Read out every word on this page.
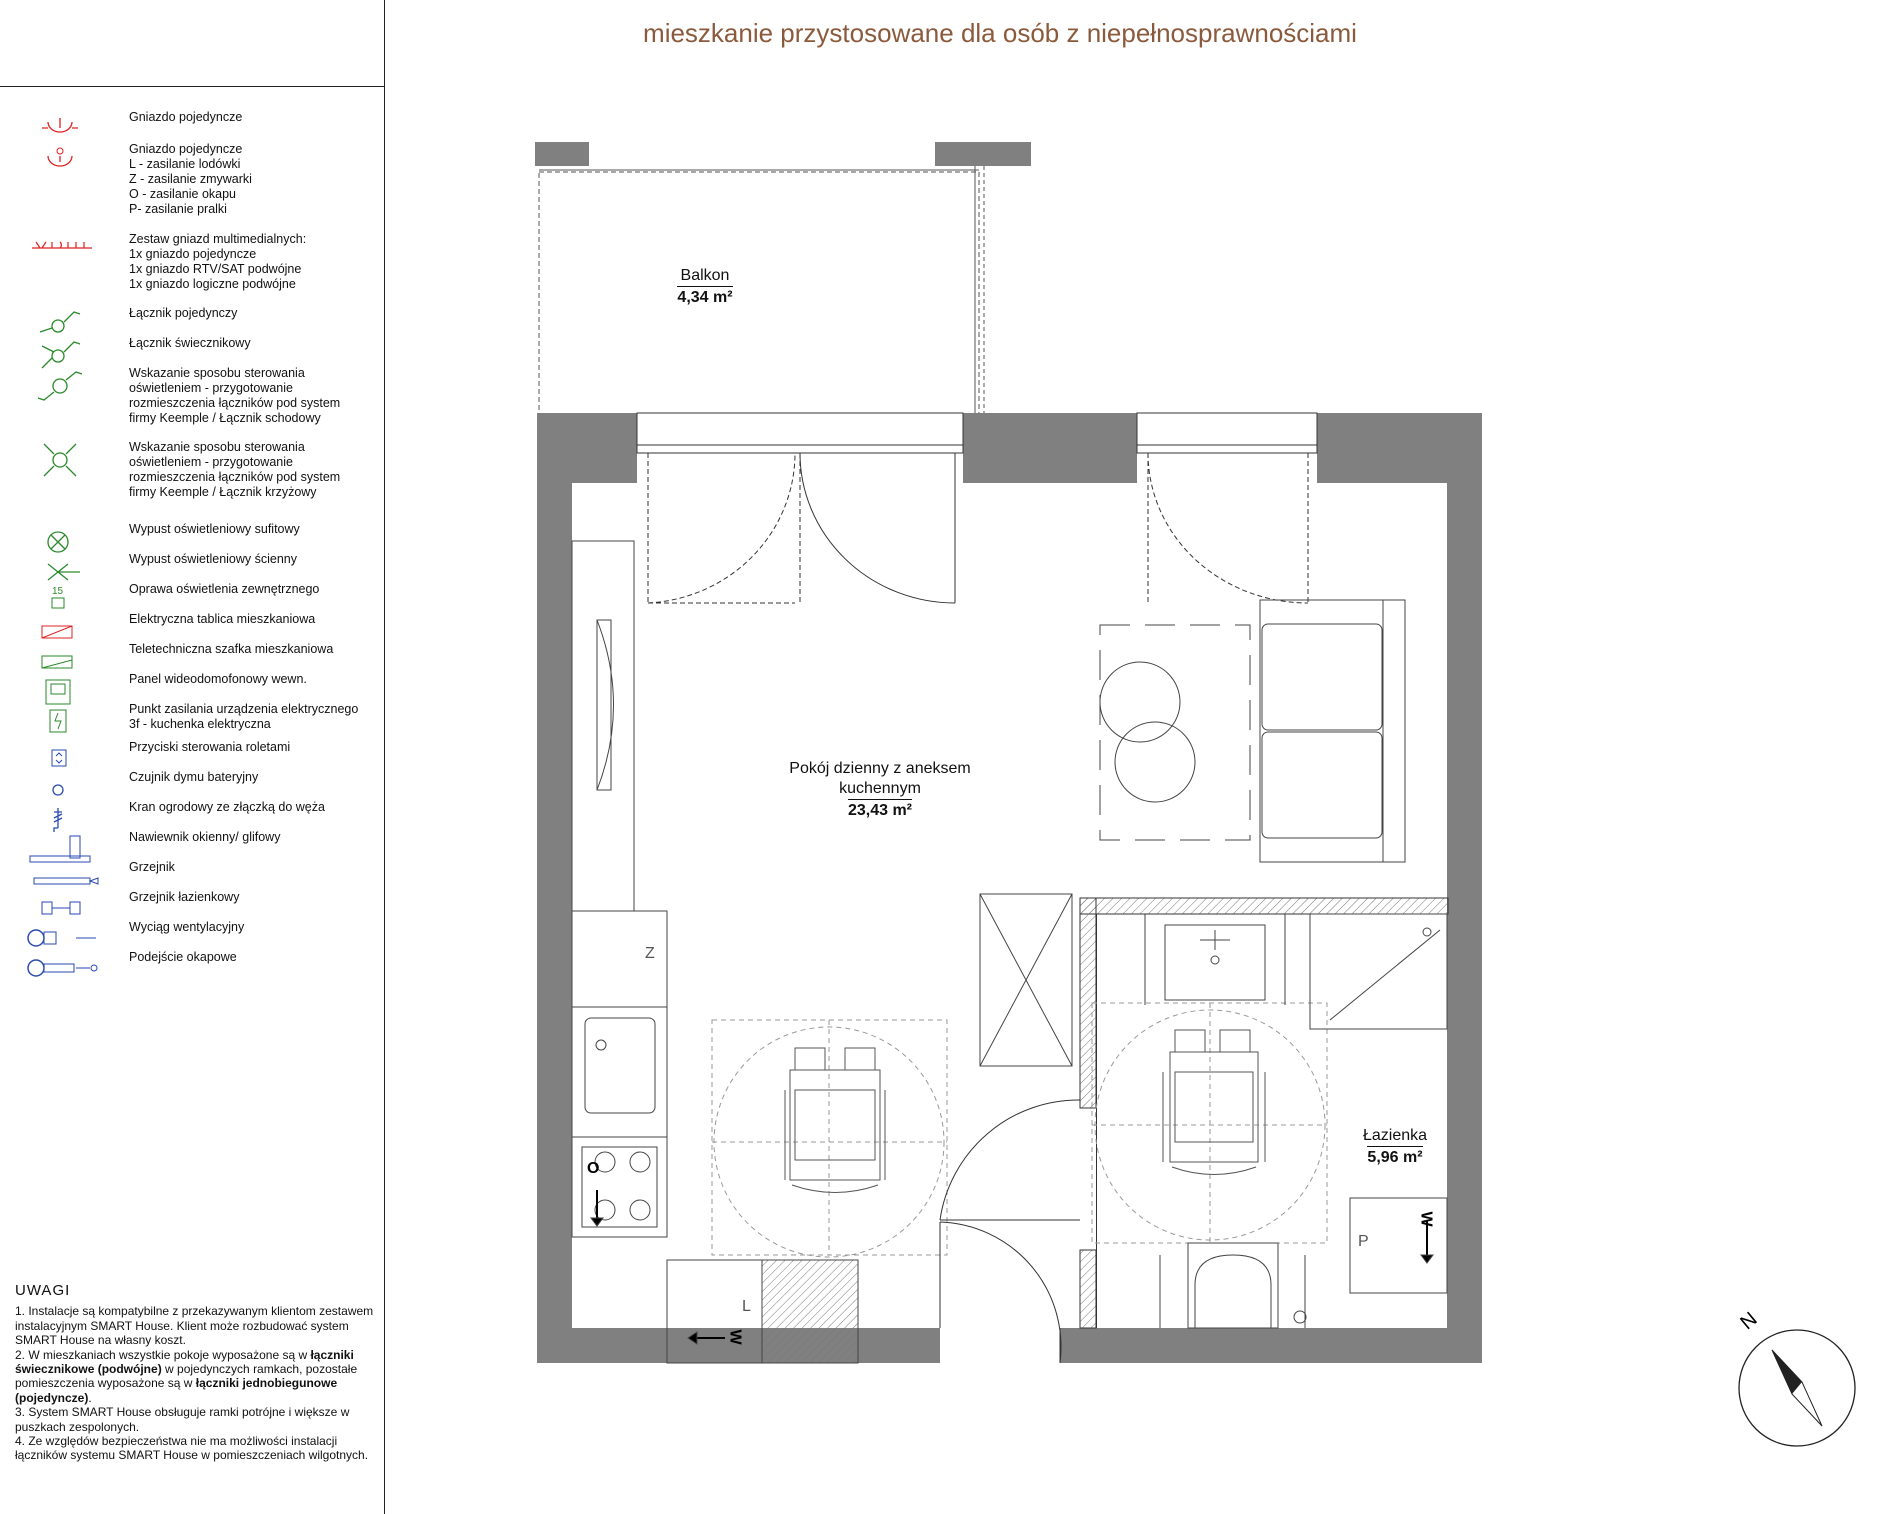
Gniazdo pojedyncze
Gniazdo pojedyncze
L - zasilanie lodówki
Z - zasilanie zmywarki
O - zasilanie okapu
P- zasilanie pralki
Zestaw gniazd multimedialnych:
1x gniazdo pojedyncze
1x gniazdo RTV/SAT podwójne
1x gniazdo logiczne podwójne
Łącznik pojedynczy
Łącznik świecznikowy
Wskazanie sposobu sterowania
oświetleniem - przygotowanie
rozmieszczenia łączników pod system
firmy Keemple / Łącznik schodowy
Wskazanie sposobu sterowania
oświetleniem - przygotowanie
rozmieszczenia łączników pod system
firmy Keemple / Łącznik krzyżowy
Wypust oświetleniowy sufitowy
Wypust oświetleniowy ścienny
15	Oprawa oświetlenia zewnętrznego
Elektryczna tablica mieszkaniowa
Teletechniczna szafka mieszkaniowa
Panel wideodomofonowy wewn.
Punkt zasilania urządzenia elektrycznego
3f - kuchenka elektryczna
Przyciski sterowania roletami
Czujnik dymu bateryjny
Kran ogrodowy ze złączką do węża
Nawiewnik okienny/ glifowy
Grzejnik
Grzejnik łazienkowy
Wyciąg wentylacyjny
Podejście okapowe
UWAGI

1. Instalacje są kompatybilne z przekazywanym klientom zestawem instalacyjnym SMART House. Klient może rozbudować system SMART House na własny koszt.

2. W mieszkaniach wszystkie pokoje wyposażone są w łączniki świecznikowe (podwójne) w pojedynczych ramkach, pozostałe pomieszczenia wyposażone są w łączniki jednobiegunowe (pojedyncze).

3. System SMART House obsługuje ramki potrójne i większe w puszkach zespolonych.

4. Ze względów bezpieczeństwa nie ma możliwości instalacji łączników systemu SMART House w pomieszczeniach wilgotnych.

mieszkanie przystosowane dla osób z niepełnosprawnościami
Balkon
4,34 m²
Pokój dzienny z aneksem
kuchennym
23,43 m²
Łazienka
5,96 m²
Z
L
O
P
W
W
N
